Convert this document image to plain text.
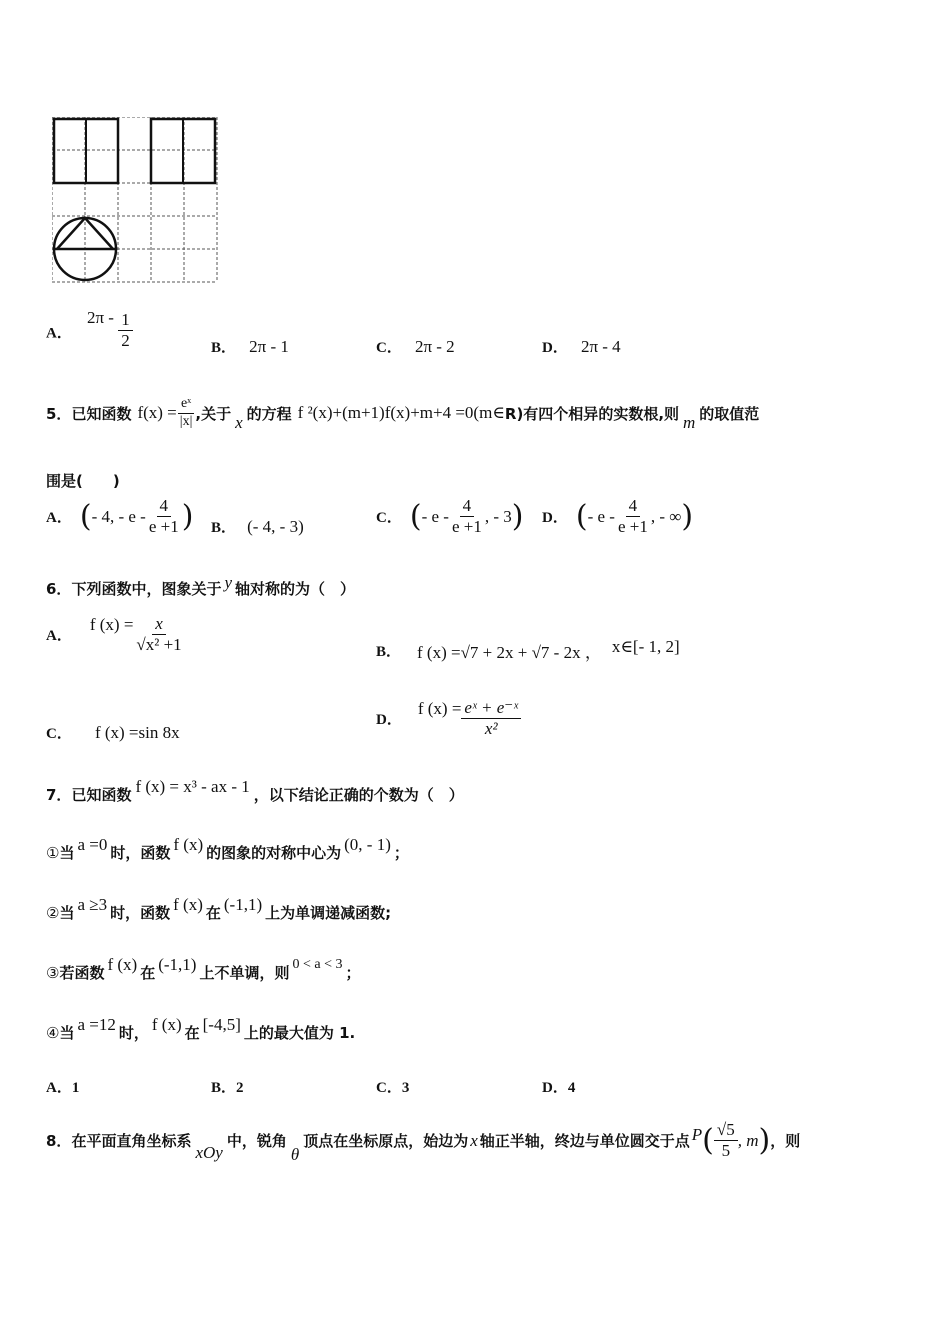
A． $2\pi - \frac{1}{2}$	B． 2π - 1	C． 2π - 2	D． 2π - 4
5． 已知函数 $f(x) = \frac{\text{eˣ}}{|x|}$ ,关于 x 的方程 f ²(x)+(m+1)f(x)+m+4 =0(m∈ R)有四个相异的实数根,则 m 的取值范
围是(　　)
A． ( - 4, - e - $\frac{4}{e +1}$ ) B． (- 4, - 3)	C． ( - e - $\frac{4}{e +1}$ , - 3 ) D． ( - e - $\frac{4}{e +1}$ , - ∞ )
6． 下列函数中，图象关于 y 轴对称的为（　）
A．
f $(x) = \frac{x}{\text{√x² +1}}$	B． f (x) =√7 + 2x + √7 - 2x ， x∈[- 1, 2]
C． f (x) =sin 8x
D．
f $(x) = \frac{\text{eˣ + e⁻ˣ}}{\text{x²}}$
7． 已知函数 f (x) = x³ - ax - 1 ，以下结论正确的个数为（　）
① 当 a =0 时，函数 f (x) 的图象的对称中心为 (0, - 1) ；
② 当 a ≥3 时，函数 f (x) 在 (-1,1) 上为单调递减函数;
③ 若函数 f (x) 在 (-1,1) 上不单调，则 0 < a < 3 ；
④ 当 a =12 时， f (x) 在 [-4,5] 上的最大值为 1.
A．1	B．2	C．3	D．4
8． 在平面直角坐标系
xOy
中，锐角
θ
顶点在坐标原点，始边为 x 轴正半轴，终边与单位圆交于点 P ( $\frac{√5}{5}$ , m ) ，则
